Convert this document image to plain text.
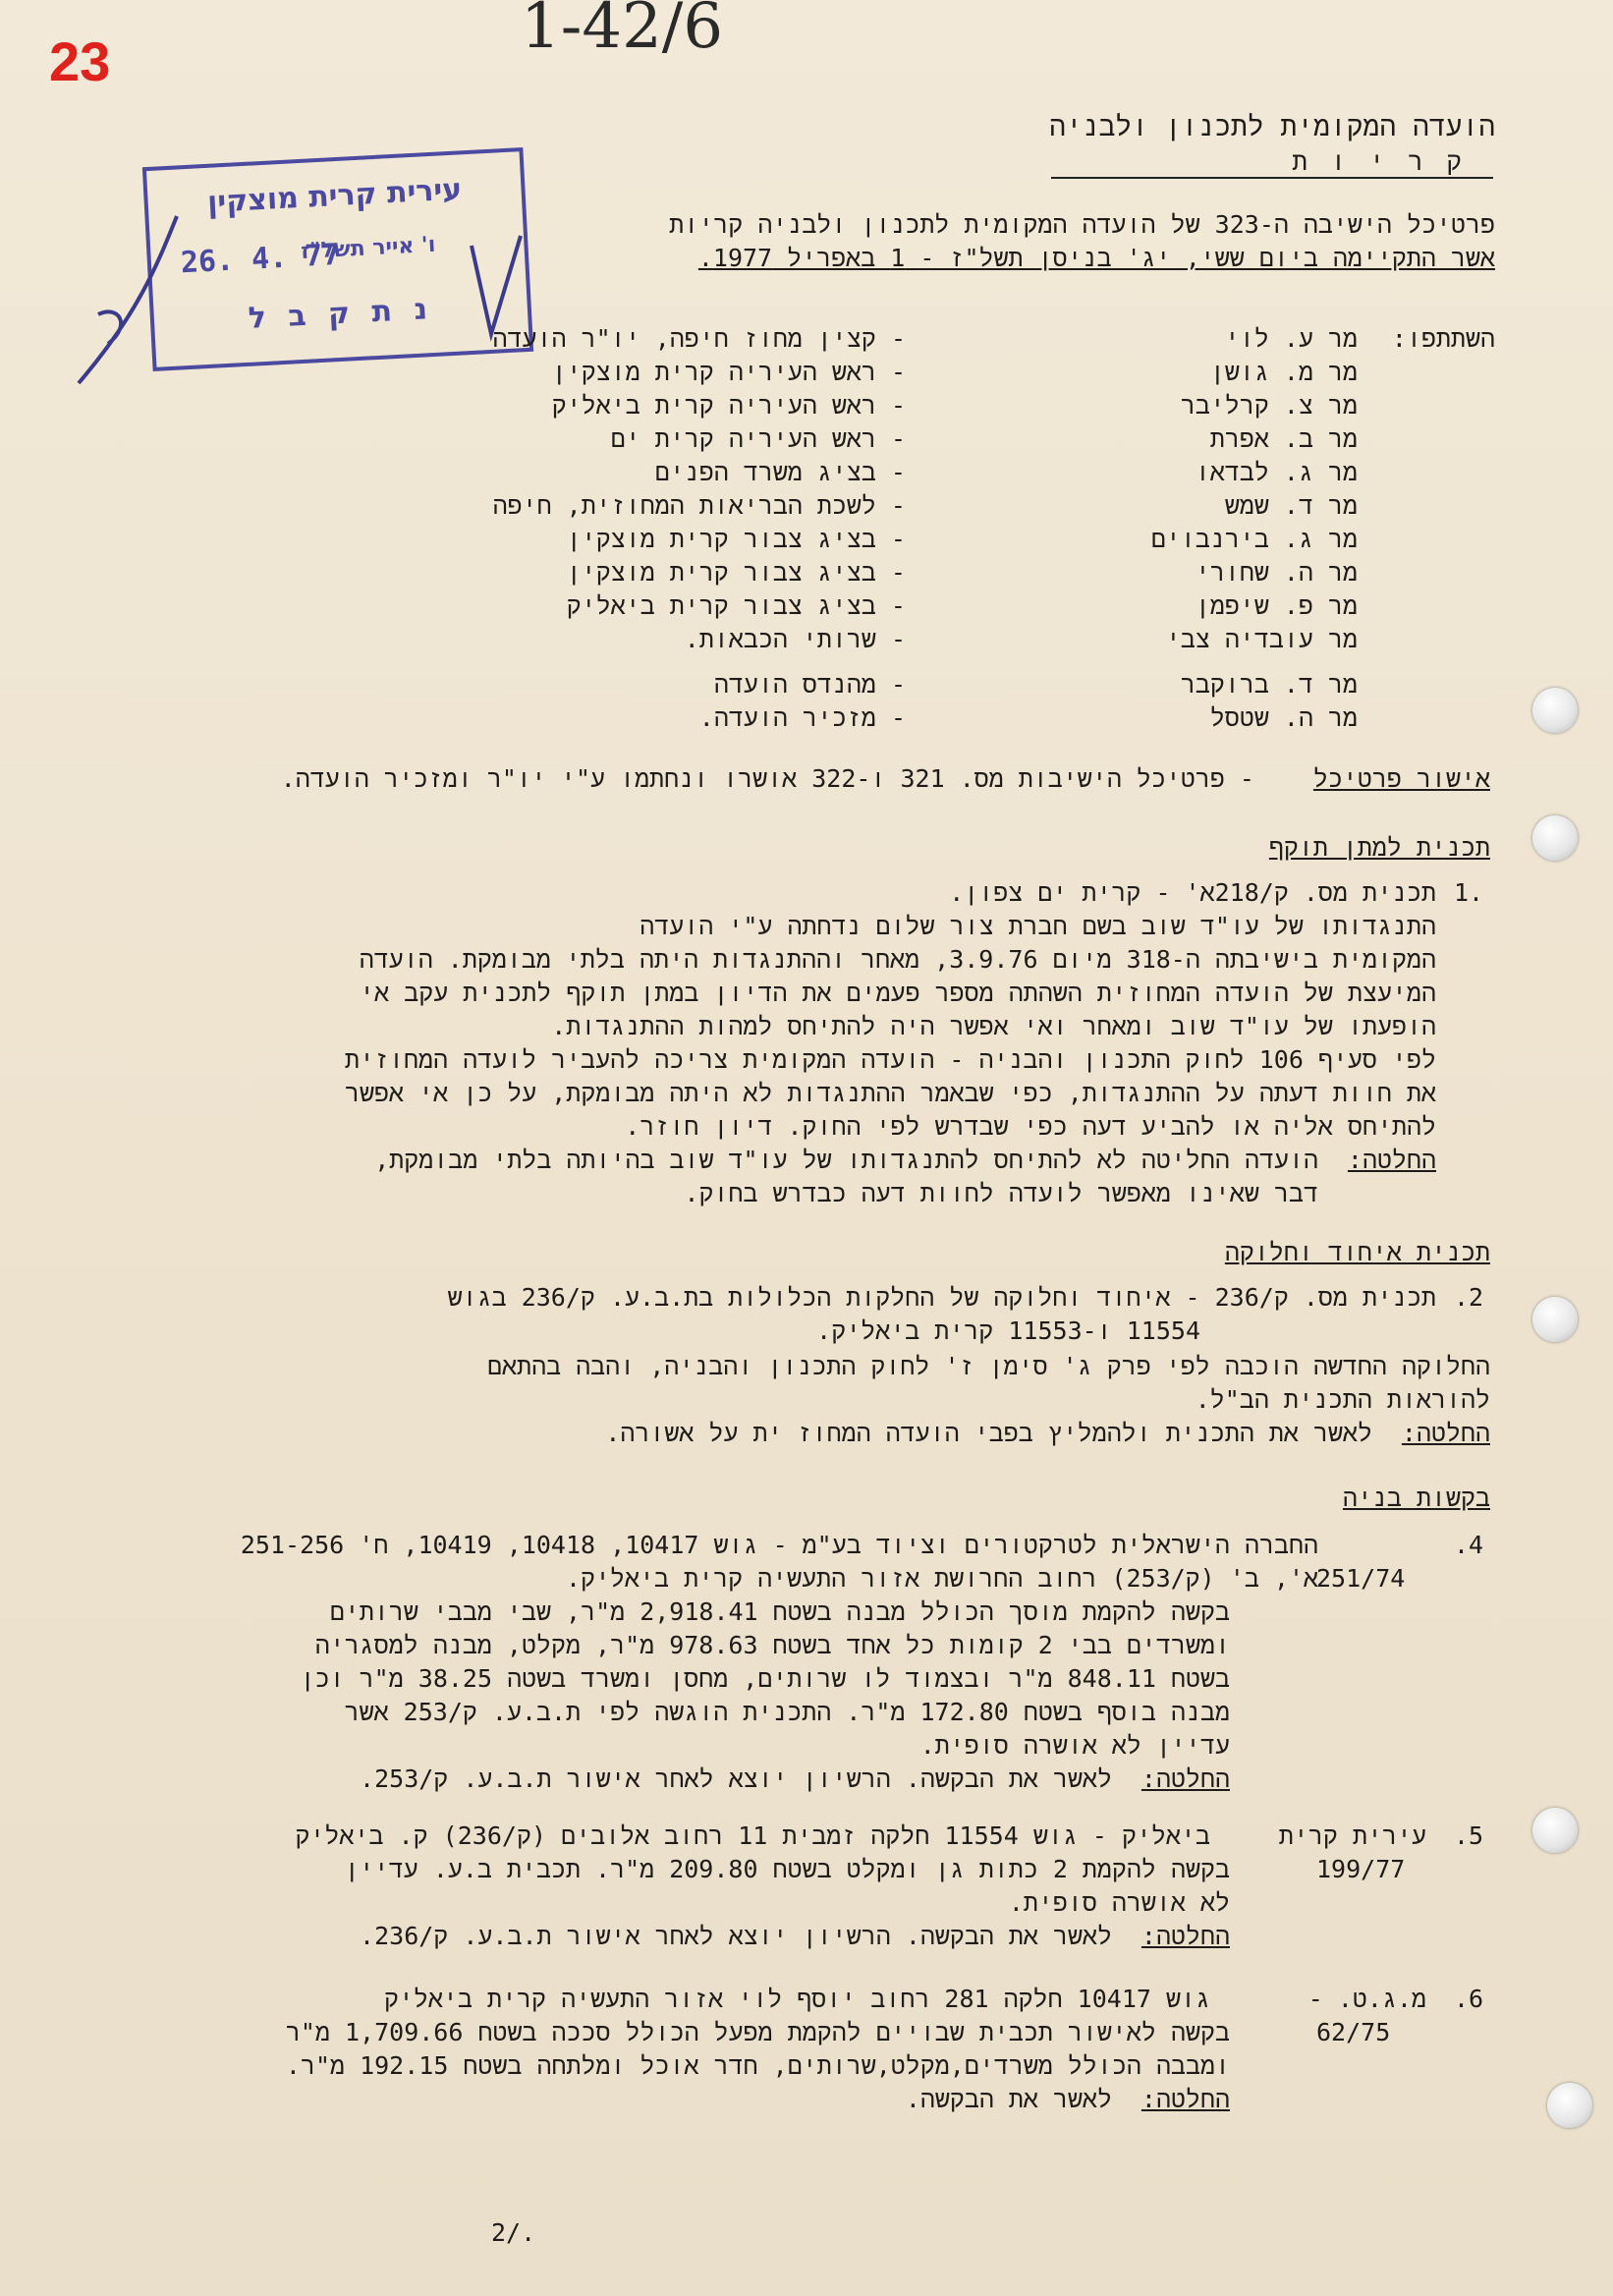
23	1-42/6
הועדה המקומית לתכנון ולבניה
ק ר י ו ת
עירית קרית מוצקין
26. 4. 77
ו' אייר תשל"ז
נ ת ק ב ל
פרטיכל הישיבה ה-323 של הועדה המקומית לתכנון ולבניה קריות
אשר התקיימה ביום ששי, יג' בניסן תשל"ז - 1 באפריל 1977.
השתתפו:
מר ע. לוי
- קצין מחוז חיפה, יו"ר הועדה
מר מ. גושן
- ראש העיריה קרית מוצקין
מר צ. קרליבר
- ראש העיריה קרית ביאליק
מר ב. אפרת
- ראש העיריה קרית ים
מר ג. לבדאו
- בציג משרד הפנים
מר ד. שמש
- לשכת הבריאות המחוזית, חיפה
מר ג. בירנבוים
- בציג צבור קרית מוצקין
מר ה. שחורי
- בציג צבור קרית מוצקין
מר פ. שיפמן
- בציג צבור קרית ביאליק
מר עובדיה צבי
- שרותי הכבאות.
מר ד. ברוקבר
- מהנדס הועדה
מר ה. שטסל
- מזכיר הועדה.
אישור פרטיכל
- פרטיכל הישיבות מס. 321 ו-322 אושרו ונחתמו ע"י יו"ר ומזכיר הועדה.
תכנית למתן תוקף
1.
תכנית מס. ק/218א' - קרית ים צפון.
התנגדותו של עו"ד שוב בשם חברת צור שלום נדחתה ע"י הועדה
המקומית בישיבתה ה-318 מיום 3.9.76, מאחר וההתנגדות היתה בלתי מבומקת. הועדה
המיעצת של הועדה המחוזית השהתה מספר פעמים את הדיון במתן תוקף לתכנית עקב אי
הופעתו של עו"ד שוב ומאחר ואי אפשר היה להתיחס למהות ההתנגדות.
לפי סעיף 106 לחוק התכנון והבניה - הועדה המקומית צריכה להעביר לועדה המחוזית
את חוות דעתה על ההתנגדות, כפי שבאמר ההתנגדות לא היתה מבומקת, על כן אי אפשר
להתיחס אליה או להביע דעה כפי שבדרש לפי החוק. דיון חוזר.
החלטה:
הועדה החליטה לא להתיחס להתנגדותו של עו"ד שוב בהיותה בלתי מבומקת,
דבר שאינו מאפשר לועדה לחוות דעה כבדרש בחוק.
תכנית איחוד וחלוקה
.2
תכנית מס. ק/236 - איחוד וחלוקה של החלקות הכלולות בת.ב.ע. ק/236 בגוש
11554 ו-11553 קרית ביאליק.
החלוקה החדשה הוכבה לפי פרק ג' סימן ז' לחוק התכנון והבניה, והבה בהתאם
להוראות התכנית הב"ל.
החלטה:
לאשר את התכנית ולהמליץ בפבי הועדה המחוז ית על אשורה.
בקשות בניה
.4
251/74
החברה הישראלית לטרקטורים וציוד בע"מ - גוש 10417, 10418, 10419, ח' 251-256
א', ב' (ק/253) רחוב החרושת אזור התעשיה קרית ביאליק.
בקשה להקמת מוסך הכולל מבנה בשטח 2,918.41 מ"ר, שבי מבבי שרותים
ומשרדים בבי 2 קומות כל אחד בשטח 978.63 מ"ר, מקלט, מבנה למסגריה
בשטח 848.11 מ"ר ובצמוד לו שרותים, מחסן ומשרד בשטה 38.25 מ"ר וכן
מבנה בוסף בשטח 172.80 מ"ר. התכנית הוגשה לפי ת.ב.ע. ק/253 אשר
עדיין לא אושרה סופית.
החלטה:
לאשר את הבקשה. הרשיון יוצא לאחר אישור ת.ב.ע. ק/253.
.5
עירית קרית
199/77
ביאליק - גוש 11554 חלקה זמבית 11 רחוב אלובים (ק/236) ק. ביאליק
בקשה להקמת 2 כתות גן ומקלט בשטח 209.80 מ"ר. תכבית ב.ע. עדיין
לא אושרה סופית.
החלטה:
לאשר את הבקשה. הרשיון יוצא לאחר אישור ת.ב.ע. ק/236.
.6
מ.ג.ט. -
62/75
גוש 10417 חלקה 281 רחוב יוסף לוי אזור התעשיה קרית ביאליק
בקשה לאישור תכבית שבויים להקמת מפעל הכולל סככה בשטח 1,709.66 מ"ר
ומבבה הכולל משרדים,מקלט,שרותים, חדר אוכל ומלתחה בשטח 192.15 מ"ר.
החלטה:
לאשר את הבקשה.
2/.
